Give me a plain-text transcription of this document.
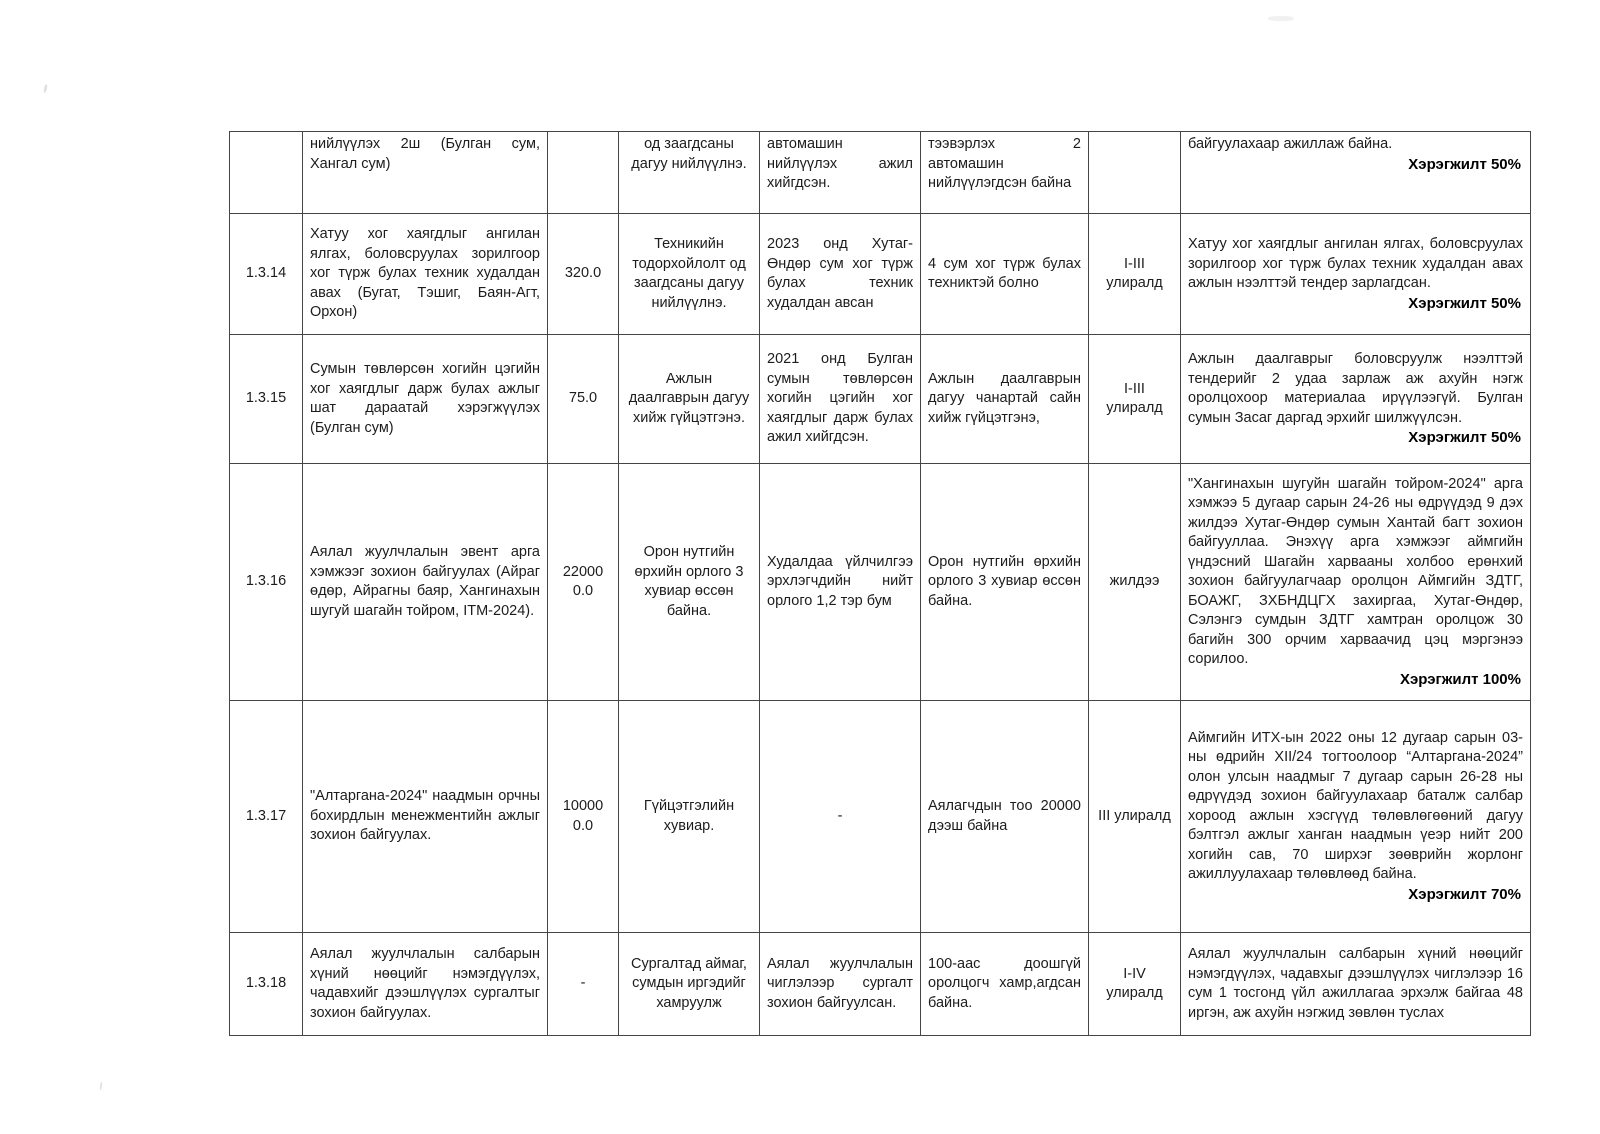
	нийлүүлэх 2ш (Булган сум, Хангал сум)		од заагдсаны дагуу нийлүүлнэ.	автомашин нийлүүлэх ажил хийгдсэн.	тээвэрлэх 2 автомашин нийлүүлэгдсэн байна		байгуулахаар ажиллаж байна.
Хэрэгжилт 50%

1.3.14	Хатуу хог хаягдлыг ангилан ялгах, боловсруулах зорилгоор хог түрж булах техник худалдан авах (Бугат, Тэшиг, Баян-Агт, Орхон)	320.0	Техникийн тодорхойлолт од заагдсаны дагуу нийлүүлнэ.	2023 онд Хутаг-Өндөр сум хог түрж булах техник худалдан авсан	4 сум хог түрж булах техниктэй болно	I-III улиралд	Хатуу хог хаягдлыг ангилан ялгах, боловсруулах зорилгоор хог түрж булах техник худалдан авах ажлын нээлттэй тендер зарлагдсан.
Хэрэгжилт 50%

1.3.15	Сумын төвлөрсөн хогийн цэгийн хог хаягдлыг дарж булах ажлыг шат дараатай хэрэгжүүлэх (Булган сум)	75.0	Ажлын даалгаврын дагуу хийж гүйцэтгэнэ.	2021 онд Булган сумын төвлөрсөн хогийн цэгийн хог хаягдлыг дарж булах ажил хийгдсэн.	Ажлын даалгаврын дагуу чанартай сайн хийж гүйцэтгэнэ,	I-III улиралд	Ажлын даалгаврыг боловсруулж нээлттэй тендерийг 2 удаа зарлаж аж ахуйн нэгж оролцохоор материалаа ирүүлээгүй. Булган сумын Засаг даргад эрхийг шилжүүлсэн.
Хэрэгжилт 50%

1.3.16	Аялал жуулчлалын эвент арга хэмжээг зохион байгуулах (Айраг өдөр, Айрагны баяр, Хангинахын шугуй шагайн тойром, ITM-2024).	22000 0.0	Орон нутгийн өрхийн орлого 3 хувиар өссөн байна.	Худалдаа үйлчилгээ эрхлэгчдийн нийт орлого 1,2 тэр бум	Орон нутгийн өрхийн орлого 3 хувиар өссөн байна.	жилдээ	"Хангинахын шугуйн шагайн тойром-2024" арга хэмжээ 5 дугаар сарын 24-26 ны өдрүүдэд 9 дэх жилдээ Хутаг-Өндөр сумын Хантай багт зохион байгууллаа. Энэхүү арга хэмжээг аймгийн үндэсний Шагайн харвааны холбоо ерөнхий зохион байгуулагчаар оролцон Аймгийн ЗДТГ, БОАЖГ, ЗХБНДЦГХ захиргаа, Хутаг-Өндөр, Сэлэнгэ сумдын ЗДТГ хамтран оролцож 30 багийн 300 орчим харваачид цэц мэргэнээ сорилоо.
Хэрэгжилт 100%

1.3.17	"Алтаргана-2024" наадмын орчны бохирдлын менежментийн ажлыг зохион байгуулах.	10000 0.0	Гүйцэтгэлийн хувиар.	-	Аялагчдын тоо 20000 дээш байна	III улиралд	Аймгийн ИТХ-ын 2022 оны 12 дугаар сарын 03-ны өдрийн XII/24 тогтоолоор “Алтаргана-2024” олон улсын наадмыг 7 дугаар сарын 26-28 ны өдрүүдэд зохион байгуулахаар баталж салбар хороод ажлын хэсгүүд төлөвлөгөөний дагуу бэлтгэл ажлыг ханган наадмын үеэр нийт 200 хогийн сав, 70 ширхэг зөөврийн жорлонг ажиллуулахаар төлөвлөөд байна.
Хэрэгжилт 70%

1.3.18	Аялал жуулчлалын салбарын хүний нөөцийг нэмэгдүүлэх, чадавхийг дээшлүүлэх сургалтыг зохион байгуулах.	-	Сургалтад аймаг, сумдын иргэдийг хамруулж	Аялал жуулчлалын чиглэлээр сургалт зохион байгуулсан.	100-аас доошгүй оролцогч хамр,агдсан байна.	I-IV улиралд	Аялал жуулчлалын салбарын хүний нөөцийг нэмэгдүүлэх, чадавхыг дээшлүүлэх чиглэлээр 16 сум 1 тосгонд үйл ажиллагаа эрхэлж байгаа 48 иргэн, аж ахуйн нэгжид зөвлөн туслах
